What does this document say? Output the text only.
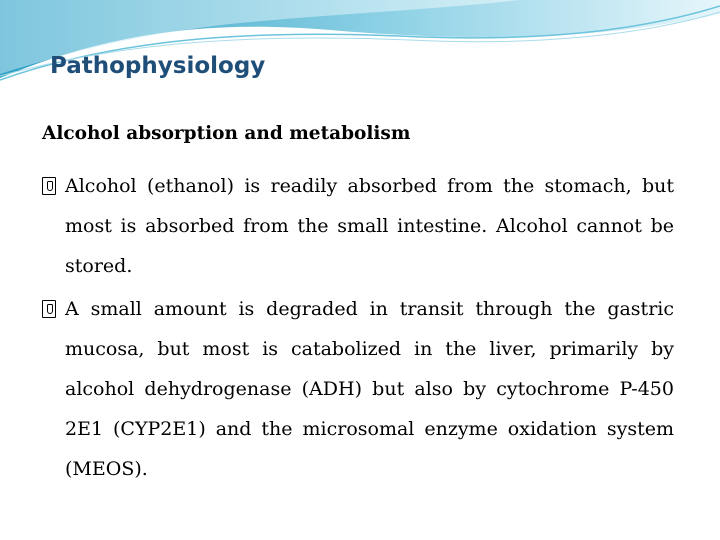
Pathophysiology
Alcohol absorption and metabolism
Alcohol (ethanol) is readily absorbed from the stomach, but most is absorbed from the small intestine. Alcohol cannot be stored.
A small amount is degraded in transit through the gastric mucosa, but most is catabolized in the liver, primarily by alcohol dehydrogenase (ADH) but also by cytochrome P-450 2E1 (CYP2E1) and the microsomal enzyme oxidation system (MEOS).
